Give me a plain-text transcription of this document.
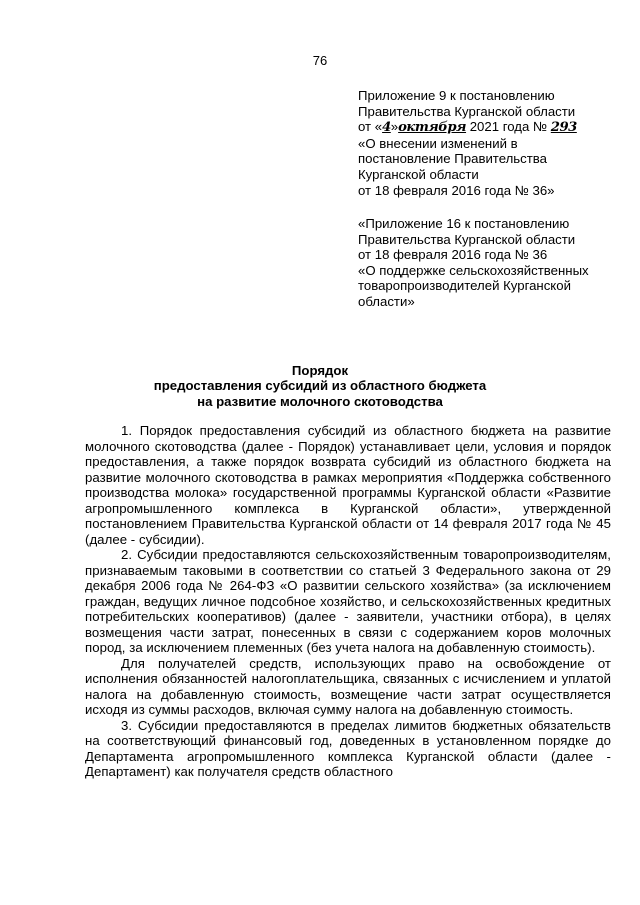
76
Приложение 9 к постановлению
Правительства Курганской области
от «4»октября 2021 года № 293
«О внесении изменений в
постановление Правительства
Курганской области
от 18 февраля 2016 года № 36»
«Приложение 16 к постановлению
Правительства Курганской области
от 18 февраля 2016 года № 36
«О поддержке сельскохозяйственных
товаропроизводителей Курганской
области»
Порядок
предоставления субсидий из областного бюджета
на развитие молочного скотоводства

1. Порядок предоставления субсидий из областного бюджета на развитие молочного скотоводства (далее - Порядок) устанавливает цели, условия и порядок предоставления, а также порядок возврата субсидий из областного бюджета на развитие молочного скотоводства в рамках мероприятия «Поддержка собственного производства молока» государственной программы Курганской области «Развитие агропромышленного комплекса в Курганской области», утвержденной постановлением Правительства Курганской области от 14 февраля 2017 года № 45 (далее - субсидии).

2. Субсидии предоставляются сельскохозяйственным товаропроизводителям, признаваемым таковыми в соответствии со статьей 3 Федерального закона от 29 декабря 2006 года № 264-ФЗ «О развитии сельского хозяйства» (за исключением граждан, ведущих личное подсобное хозяйство, и сельскохозяйственных кредитных потребительских кооперативов) (далее - заявители, участники отбора), в целях возмещения части затрат, понесенных в связи с содержанием коров молочных пород, за исключением племенных (без учета налога на добавленную стоимость).

Для получателей средств, использующих право на освобождение от исполнения обязанностей налогоплательщика, связанных с исчислением и уплатой налога на добавленную стоимость, возмещение части затрат осуществляется исходя из суммы расходов, включая сумму налога на добавленную стоимость.

3. Субсидии предоставляются в пределах лимитов бюджетных обязательств на соответствующий финансовый год, доведенных в установленном порядке до Департамента агропромышленного комплекса Курганской области (далее - Департамент) как получателя средств областного
